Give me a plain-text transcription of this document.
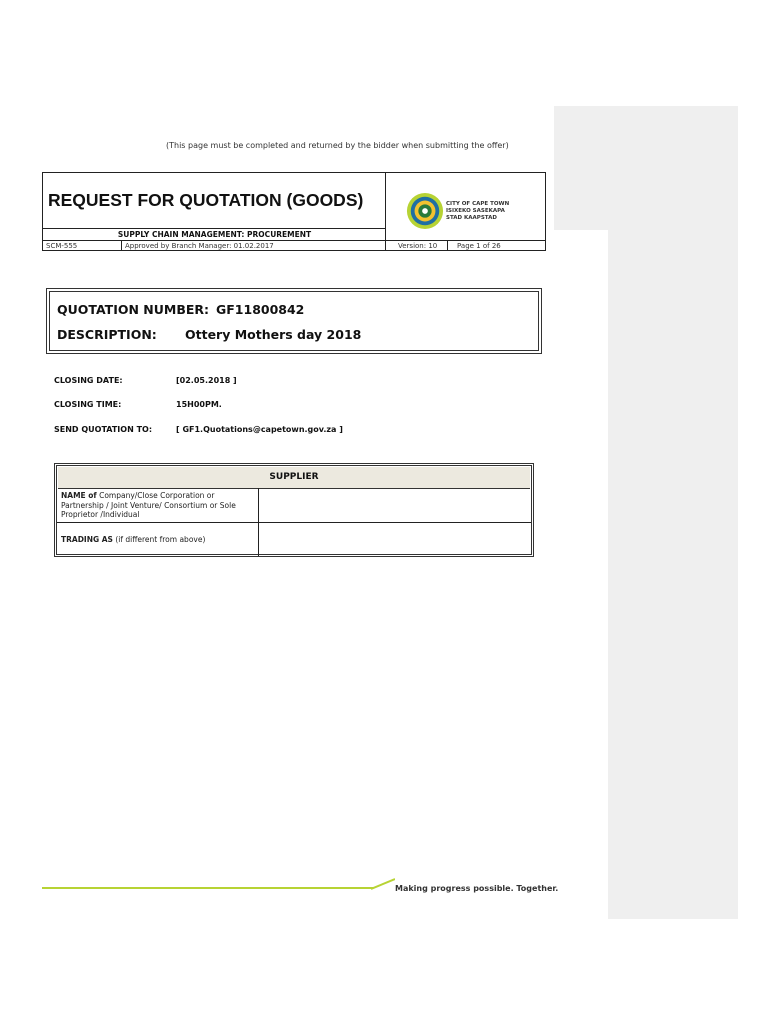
(This page must be completed and returned by the bidder when submitting the offer)
REQUEST FOR QUOTATION (GOODS)
SUPPLY CHAIN MANAGEMENT: PROCUREMENT
SCM-555	Approved by Branch Manager: 01.02.2017	Version: 10	Page 1 of 26
CITY OF CAPE TOWN
ISIXEKO SASEKAPA
STAD KAAPSTAD
QUOTATION NUMBER: GF11800842
DESCRIPTION: Ottery Mothers day 2018
CLOSING DATE:	[02.05.2018 ]
CLOSING TIME:	15H00PM.
SEND QUOTATION TO:	[ GF1.Quotations@capetown.gov.za ]
SUPPLIER
NAME of Company/Close Corporation or Partnership / Joint Venture/ Consortium or Sole Proprietor /Individual
TRADING AS (if different from above)
Making progress possible. Together.
